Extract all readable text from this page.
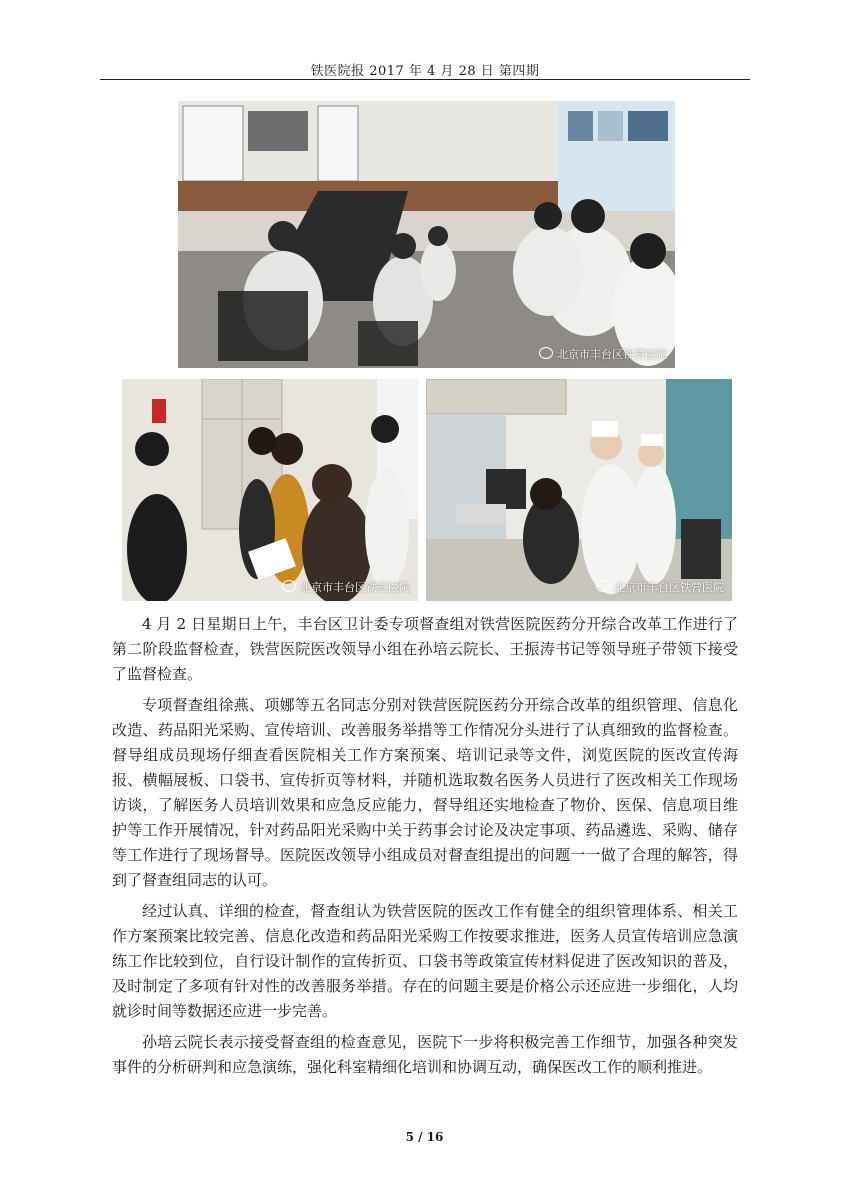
铁医院报 2017 年 4 月 28 日 第四期
北京市丰台区铁营医院
北京市丰台区铁营医院	北京市丰台区铁营医院

4 月 2 日星期日上午，丰台区卫计委专项督查组对铁营医院医药分开综合改革工作进行了第二阶段监督检查，铁营医院医改领导小组在孙培云院长、王振涛书记等领导班子带领下接受了监督检查。

专项督查组徐燕、项娜等五名同志分别对铁营医院医药分开综合改革的组织管理、信息化改造、药品阳光采购、宣传培训、改善服务举措等工作情况分头进行了认真细致的监督检查。督导组成员现场仔细查看医院相关工作方案预案、培训记录等文件，浏览医院的医改宣传海报、横幅展板、口袋书、宣传折页等材料，并随机选取数名医务人员进行了医改相关工作现场访谈，了解医务人员培训效果和应急反应能力，督导组还实地检查了物价、医保、信息项目维护等工作开展情况，针对药品阳光采购中关于药事会讨论及决定事项、药品遴选、采购、储存等工作进行了现场督导。医院医改领导小组成员对督查组提出的问题一一做了合理的解答，得到了督查组同志的认可。

经过认真、详细的检查，督查组认为铁营医院的医改工作有健全的组织管理体系、相关工作方案预案比较完善、信息化改造和药品阳光采购工作按要求推进，医务人员宣传培训应急演练工作比较到位，自行设计制作的宣传折页、口袋书等政策宣传材料促进了医改知识的普及，及时制定了多项有针对性的改善服务举措。存在的问题主要是价格公示还应进一步细化，人均就诊时间等数据还应进一步完善。

孙培云院长表示接受督查组的检查意见，医院下一步将积极完善工作细节，加强各种突发事件的分析研判和应急演练，强化科室精细化培训和协调互动，确保医改工作的顺利推进。

5 / 16
